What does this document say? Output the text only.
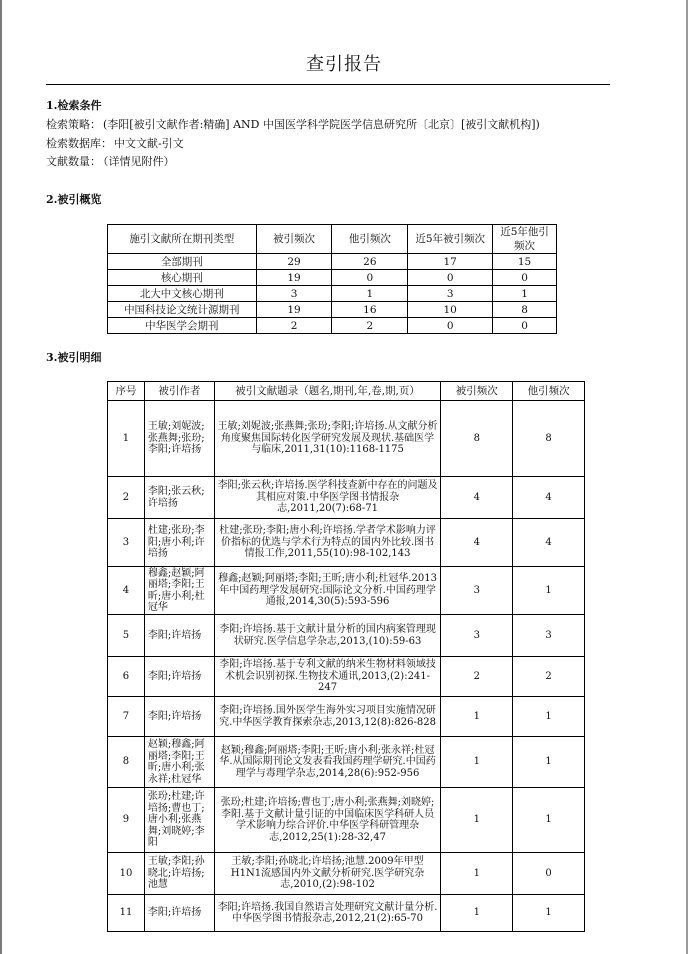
查引报告
1.检索条件
检索策略： (李阳[被引文献作者:精确] AND 中国医学科学院医学信息研究所〔北京〕[被引文献机构])
检索数据库： 中文文献-引文
文献数量： （详情见附件）
2.被引概览
施引文献所在期刊类型	被引频次	他引频次	近5年被引频次	近5年他引频次
全部期刊	29	26	17	15
核心期刊	19	0	0	0
北大中文核心期刊	3	1	3	1
中国科技论文统计源期刊	19	16	10	8
中华医学会期刊	2	2	0	0
3.被引明细
序号	被引作者	被引文献题录（题名,期刊,年,卷,期,页）	被引频次	他引频次
1	王敏;刘妮波;张燕舞;张玢;李阳;许培扬	王敏;刘妮波;张燕舞;张玢;李阳;许培扬.从文献分析角度聚焦国际转化医学研究发展及现状.基础医学与临床,2011,31(10):1168-1175	8	8
2	李阳;张云秋;许培扬	李阳;张云秋;许培扬.医学科技查新中存在的问题及其相应对策.中华医学图书情报杂志,2011,20(7):68-71	4	4
3	杜建;张玢;李阳;唐小利;许培扬	杜建;张玢;李阳;唐小利;许培扬.学者学术影响力评价指标的优选与学术行为特点的国内外比较.图书情报工作,2011,55(10):98-102,143	4	4
4	穆鑫;赵颖;阿丽塔;李阳;王昕;唐小利;杜冠华	穆鑫;赵颖;阿丽塔;李阳;王昕;唐小利;杜冠华.2013年中国药理学发展研究:国际论文分析.中国药理学通报,2014,30(5):593-596	3	1
5	李阳;许培扬	李阳;许培扬.基于文献计量分析的国内病案管理现状研究.医学信息学杂志,2013,(10):59-63	3	3
6	李阳;许培扬	李阳;许培扬.基于专利文献的纳米生物材料领域技术机会识别初探.生物技术通讯,2013,(2):241-247	2	2
7	李阳;许培扬	李阳;许培扬.国外医学生海外实习项目实施情况研究.中华医学教育探索杂志,2013,12(8):826-828	1	1
8	赵颖;穆鑫;阿丽塔;李阳;王昕;唐小利;张永祥;杜冠华	赵颖;穆鑫;阿丽塔;李阳;王昕;唐小利;张永祥;杜冠华.从国际期刊论文发表看我国药理学研究.中国药理学与毒理学杂志,2014,28(6):952-956	1	1
9	张玢;杜建;许培扬;曹也丁;唐小利;张燕舞;刘晓婷;李阳	张玢;杜建;许培扬;曹也丁;唐小利;张燕舞;刘晓婷;李阳.基于文献计量引证的中国临床医学科研人员学术影响力综合评价.中华医学科研管理杂志,2012,25(1):28-32,47	1	1
10	王敏;李阳;孙晓北;许培扬;池慧	王敏;李阳;孙晓北;许培扬;池慧.2009年甲型H1N1流感国内外文献分析研究.医学研究杂志,2010,(2):98-102	1	0
11	李阳;许培扬	李阳;许培扬.我国自然语言处理研究文献计量分析.中华医学图书情报杂志,2012,21(2):65-70	1	1
